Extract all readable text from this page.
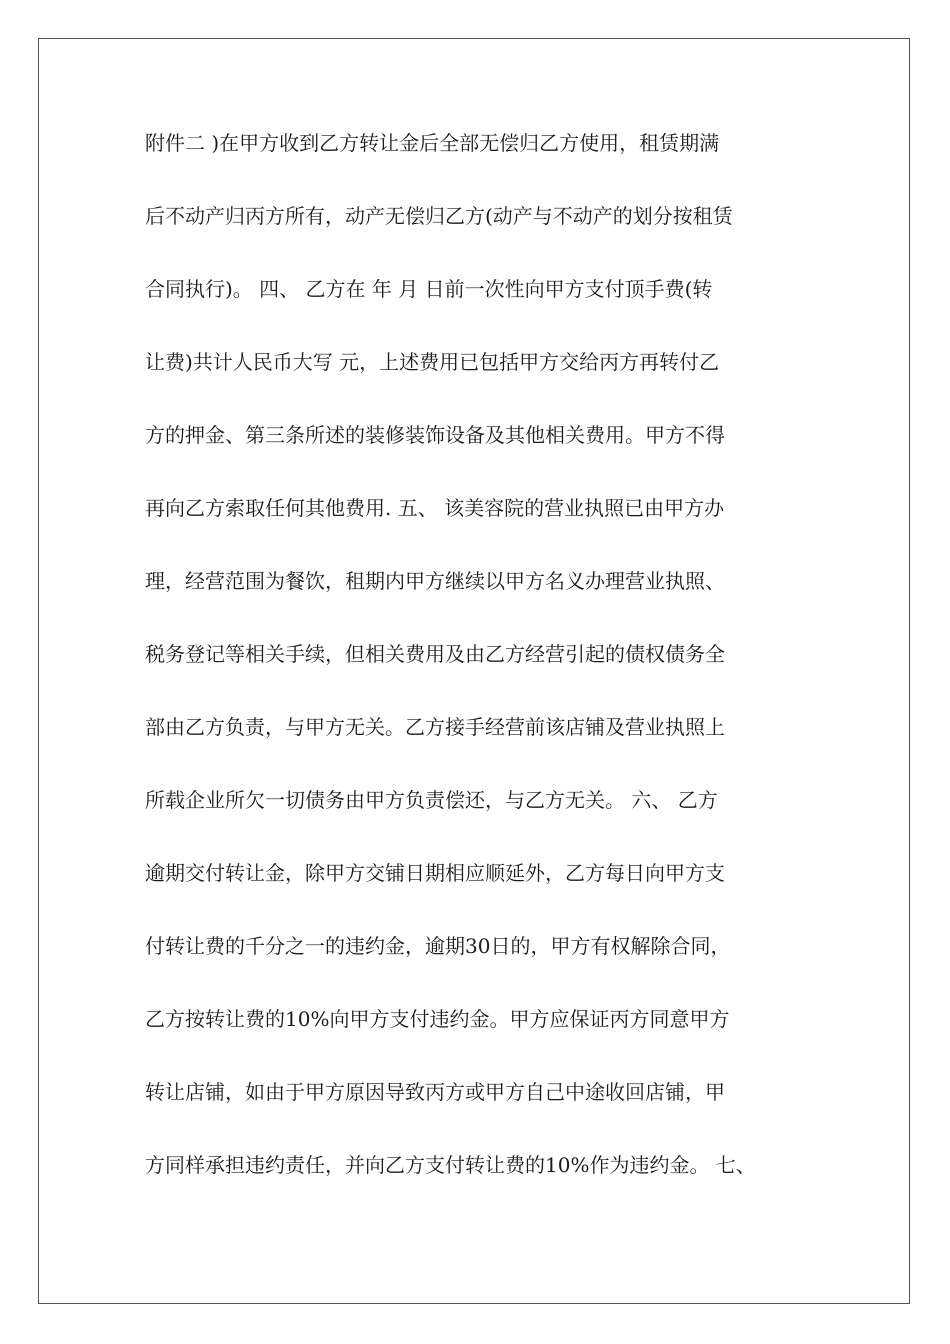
附件二 )在甲方收到乙方转让金后全部无偿归乙方使用，租赁期满
后不动产归丙方所有，动产无偿归乙方(动产与不动产的划分按租赁
合同执行)。 四、 乙方在 年 月 日前一次性向甲方支付顶手费(转
让费)共计人民币大写 元，上述费用已包括甲方交给丙方再转付乙
方的押金、第三条所述的装修装饰设备及其他相关费用。甲方不得
再向乙方索取任何其他费用. 五、 该美容院的营业执照已由甲方办
理，经营范围为餐饮，租期内甲方继续以甲方名义办理营业执照、
税务登记等相关手续，但相关费用及由乙方经营引起的债权债务全
部由乙方负责，与甲方无关。乙方接手经营前该店铺及营业执照上
所载企业所欠一切债务由甲方负责偿还，与乙方无关。 六、 乙方
逾期交付转让金，除甲方交铺日期相应顺延外，乙方每日向甲方支
付转让费的千分之一的违约金，逾期30日的，甲方有权解除合同，
乙方按转让费的10%向甲方支付违约金。甲方应保证丙方同意甲方
转让店铺，如由于甲方原因导致丙方或甲方自己中途收回店铺，甲
方同样承担违约责任，并向乙方支付转让费的10%作为违约金。 七、
